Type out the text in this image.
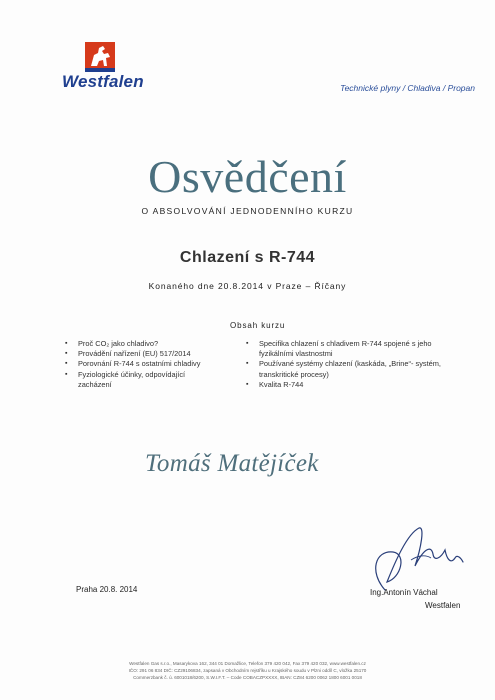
Westfalen	Technické plyny / Chladiva / Propan
Osvědčení
O ABSOLVOVÁNÍ JEDNODENNÍHO KURZU
Chlazení s R-744
Konaného dne 20.8.2014 v Praze – Říčany
Obsah kurzu
▪ Proč CO₂ jako chladivo?
▪ Provádění nařízení (EU) 517/2014
▪ Porovnání R-744 s ostatními chladivy
▪ Fyziologické účinky, odpovídající zacházení
▪ Specifika chlazení s chladivem R-744 spojené s jeho fyzikálními vlastnostmi
▪ Používané systémy chlazení (kaskáda, „Brine“- systém, transkritické procesy)
▪ Kvalita R-744
Tomáš Matějíček
Praha 20.8. 2014	Ing.Antonín Váchal
Westfalen
Westfalen Gas s.r.o., Masarykova 162, 344 01 Domažlice, Telefon 379 420 042, Fax 379 420 032, www.westfalen.cz
IČO: 291 06 834 DIČ: CZ29106834, zapsaná v Obchodním rejstříku u Krajského soudu v Plzni oddíl C, vložka 25170
Commerzbank č. ú. 6001018/6200, S.W.I.F.T. – Code COBACZPXXXX, IBAN: CZ84 6200 0062 1800 6001 0018
